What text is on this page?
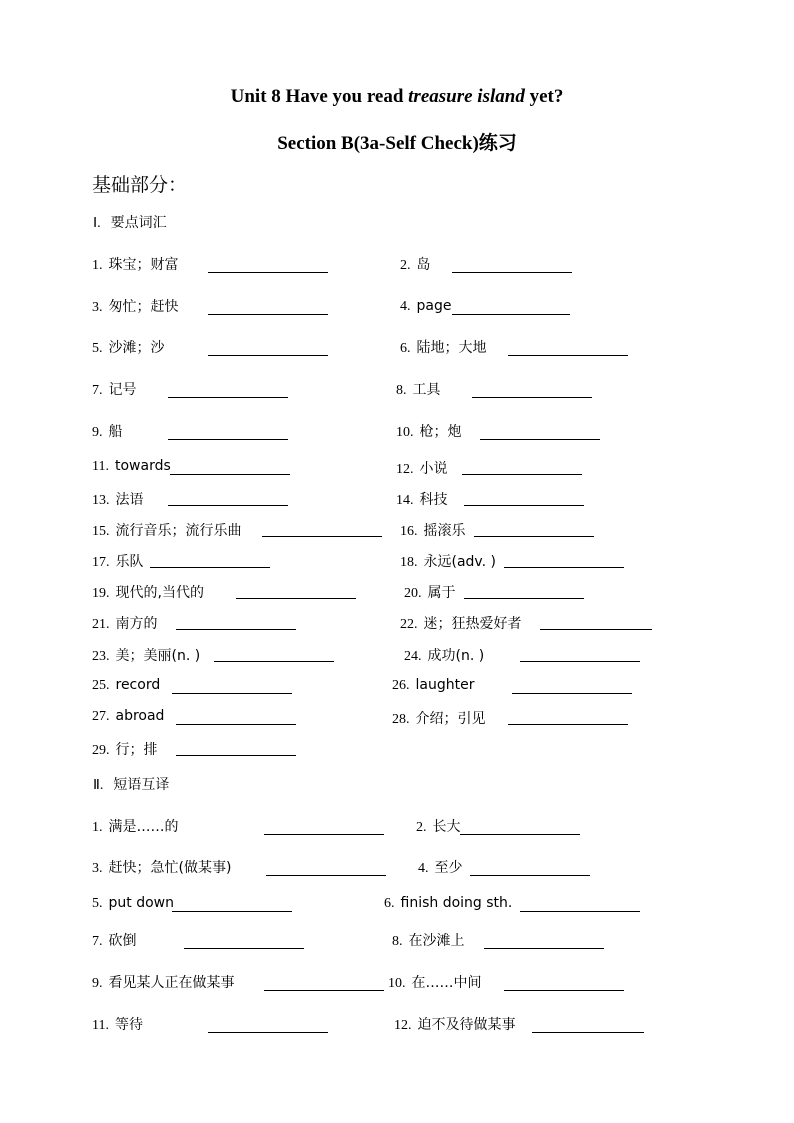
Unit 8 Have you read treasure island yet?
Section B(3a-Self Check)练习
基础部分：
Ⅰ. 要点词汇
Ⅱ. 短语互译
1. 珠宝；财富	2. 岛
3. 匆忙；赶快	4. page
5. 沙滩；沙	6. 陆地；大地
7. 记号	8. 工具
9. 船	10. 枪；炮
11. towards	12. 小说
13. 法语	14. 科技
15. 流行音乐；流行乐曲	16. 摇滚乐
17. 乐队	18. 永远(adv. )
19. 现代的,当代的	20. 属于
21. 南方的	22. 迷；狂热爱好者
23. 美；美丽(n. )	24. 成功(n. )
25. record	26. laughter
27. abroad	28. 介绍；引见
29. 行；排
1. 满是……的	2. 长大
3. 赶快；急忙(做某事)	4. 至少
5. put down	6. finish doing sth.
7. 砍倒	8. 在沙滩上
9. 看见某人正在做某事	10. 在……中间
11. 等待	12. 迫不及待做某事
